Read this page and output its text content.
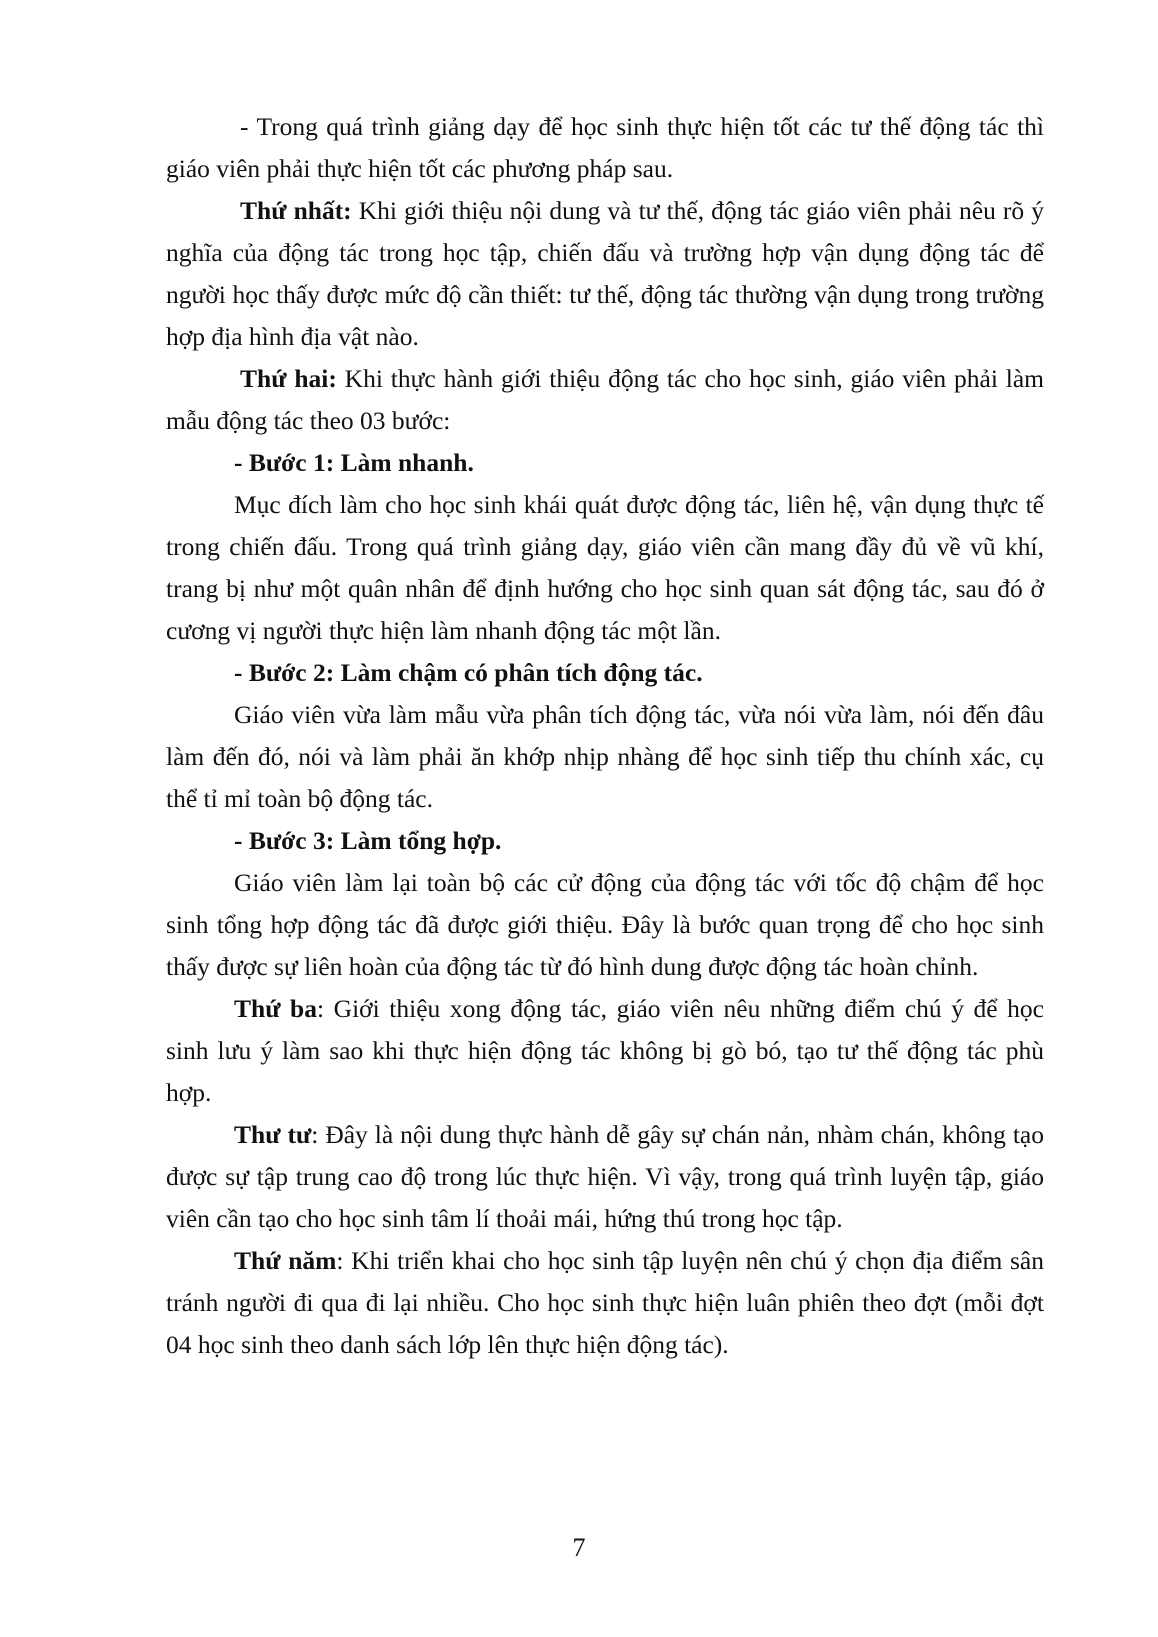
- Trong quá trình giảng dạy để học sinh thực hiện tốt các tư thế động tác thì giáo viên phải thực hiện tốt các phương pháp sau.

Thứ nhất: Khi giới thiệu nội dung và tư thế, động tác giáo viên phải nêu rõ ý nghĩa của động tác trong học tập, chiến đấu và trường hợp vận dụng động tác để người học thấy được mức độ cần thiết: tư thế, động tác thường vận dụng trong trường hợp địa hình địa vật nào.

Thứ hai: Khi thực hành giới thiệu động tác cho học sinh, giáo viên phải làm mẫu động tác theo 03 bước:

- Bước 1: Làm nhanh.

Mục đích làm cho học sinh khái quát được động tác, liên hệ, vận dụng thực tế trong chiến đấu. Trong quá trình giảng dạy, giáo viên cần mang đầy đủ về vũ khí, trang bị như một quân nhân để định hướng cho học sinh quan sát động tác, sau đó ở cương vị người thực hiện làm nhanh động tác một lần.

- Bước 2: Làm chậm có phân tích động tác.

Giáo viên vừa làm mẫu vừa phân tích động tác, vừa nói vừa làm, nói đến đâu làm đến đó, nói và làm phải ăn khớp nhịp nhàng để học sinh tiếp thu chính xác, cụ thể tỉ mỉ toàn bộ động tác.

- Bước 3: Làm tổng hợp.

Giáo viên làm lại toàn bộ các cử động của động tác với tốc độ chậm để học sinh tổng hợp động tác đã được giới thiệu. Đây là bước quan trọng để cho học sinh thấy được sự liên hoàn của động tác từ đó hình dung được động tác hoàn chỉnh.

Thứ ba: Giới thiệu xong động tác, giáo viên nêu những điểm chú ý để học sinh lưu ý làm sao khi thực hiện động tác không bị gò bó, tạo tư thế động tác phù hợp.

Thư tư: Đây là nội dung thực hành dễ gây sự chán nản, nhàm chán, không tạo được sự tập trung cao độ trong lúc thực hiện. Vì vậy, trong quá trình luyện tập, giáo viên cần tạo cho học sinh tâm lí thoải mái, hứng thú trong học tập.

Thứ năm: Khi triển khai cho học sinh tập luyện nên chú ý chọn địa điểm sân tránh người đi qua đi lại nhiều. Cho học sinh thực hiện luân phiên theo đợt (mỗi đợt 04 học sinh theo danh sách lớp lên thực hiện động tác).

7
